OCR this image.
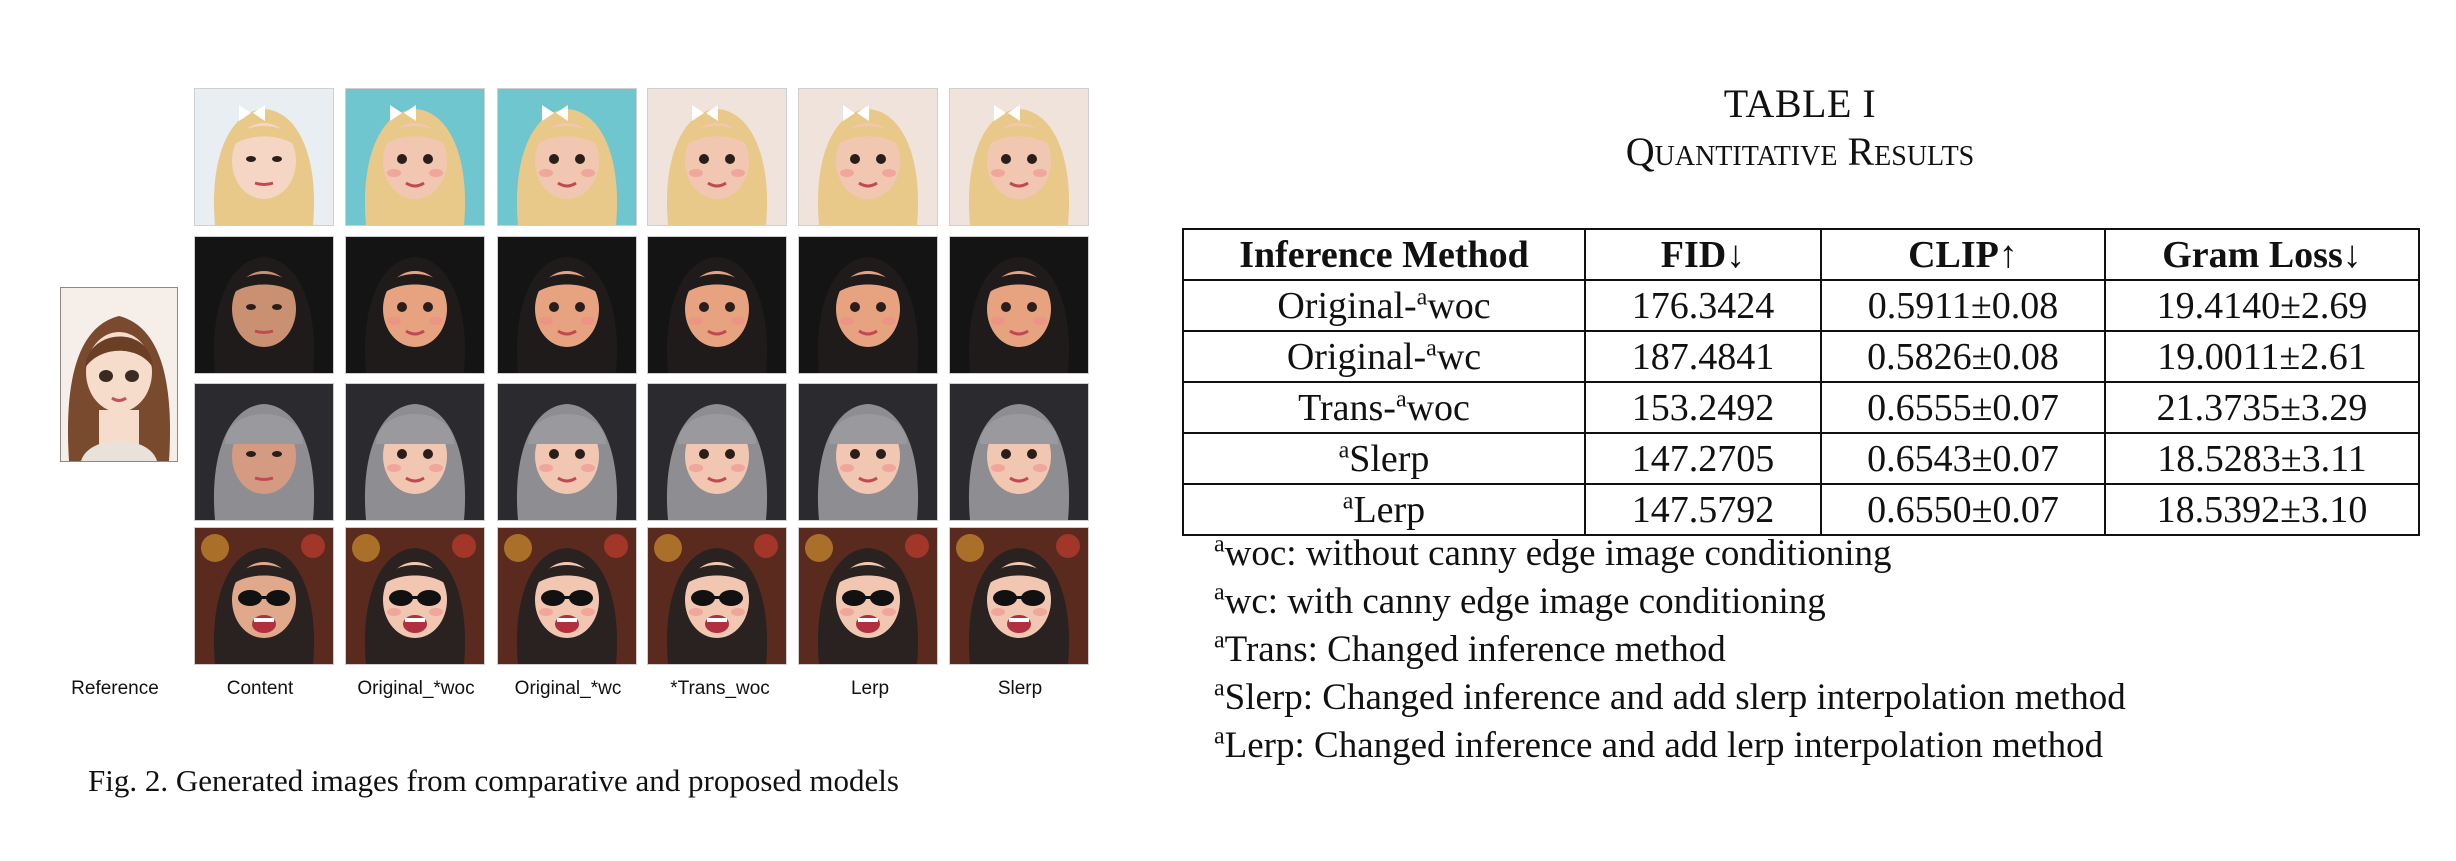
Reference	Content	Original_*woc	Original_*wc	*Trans_woc	Lerp	Slerp
Fig. 2. Generated images from comparative and proposed models
TABLE I
Quantitative Results
Inference Method	FID↓	CLIP↑	Gram Loss↓
Original-$^a$woc	176.3424	0.5911±0.08	19.4140±2.69
Original-$^a$wc	187.4841	0.5826±0.08	19.0011±2.61
Trans-$^a$woc	153.2492	0.6555±0.07	21.3735±3.29
$^a$Slerp	147.2705	0.6543±0.07	18.5283±3.11
$^a$Lerp	147.5792	0.6550±0.07	18.5392±3.10
$^a$woc: without canny edge image conditioning
$^a$wc: with canny edge image conditioning
$^a$Trans: Changed inference method
$^a$Slerp: Changed inference and add slerp interpolation method
$^a$Lerp: Changed inference and add lerp interpolation method
